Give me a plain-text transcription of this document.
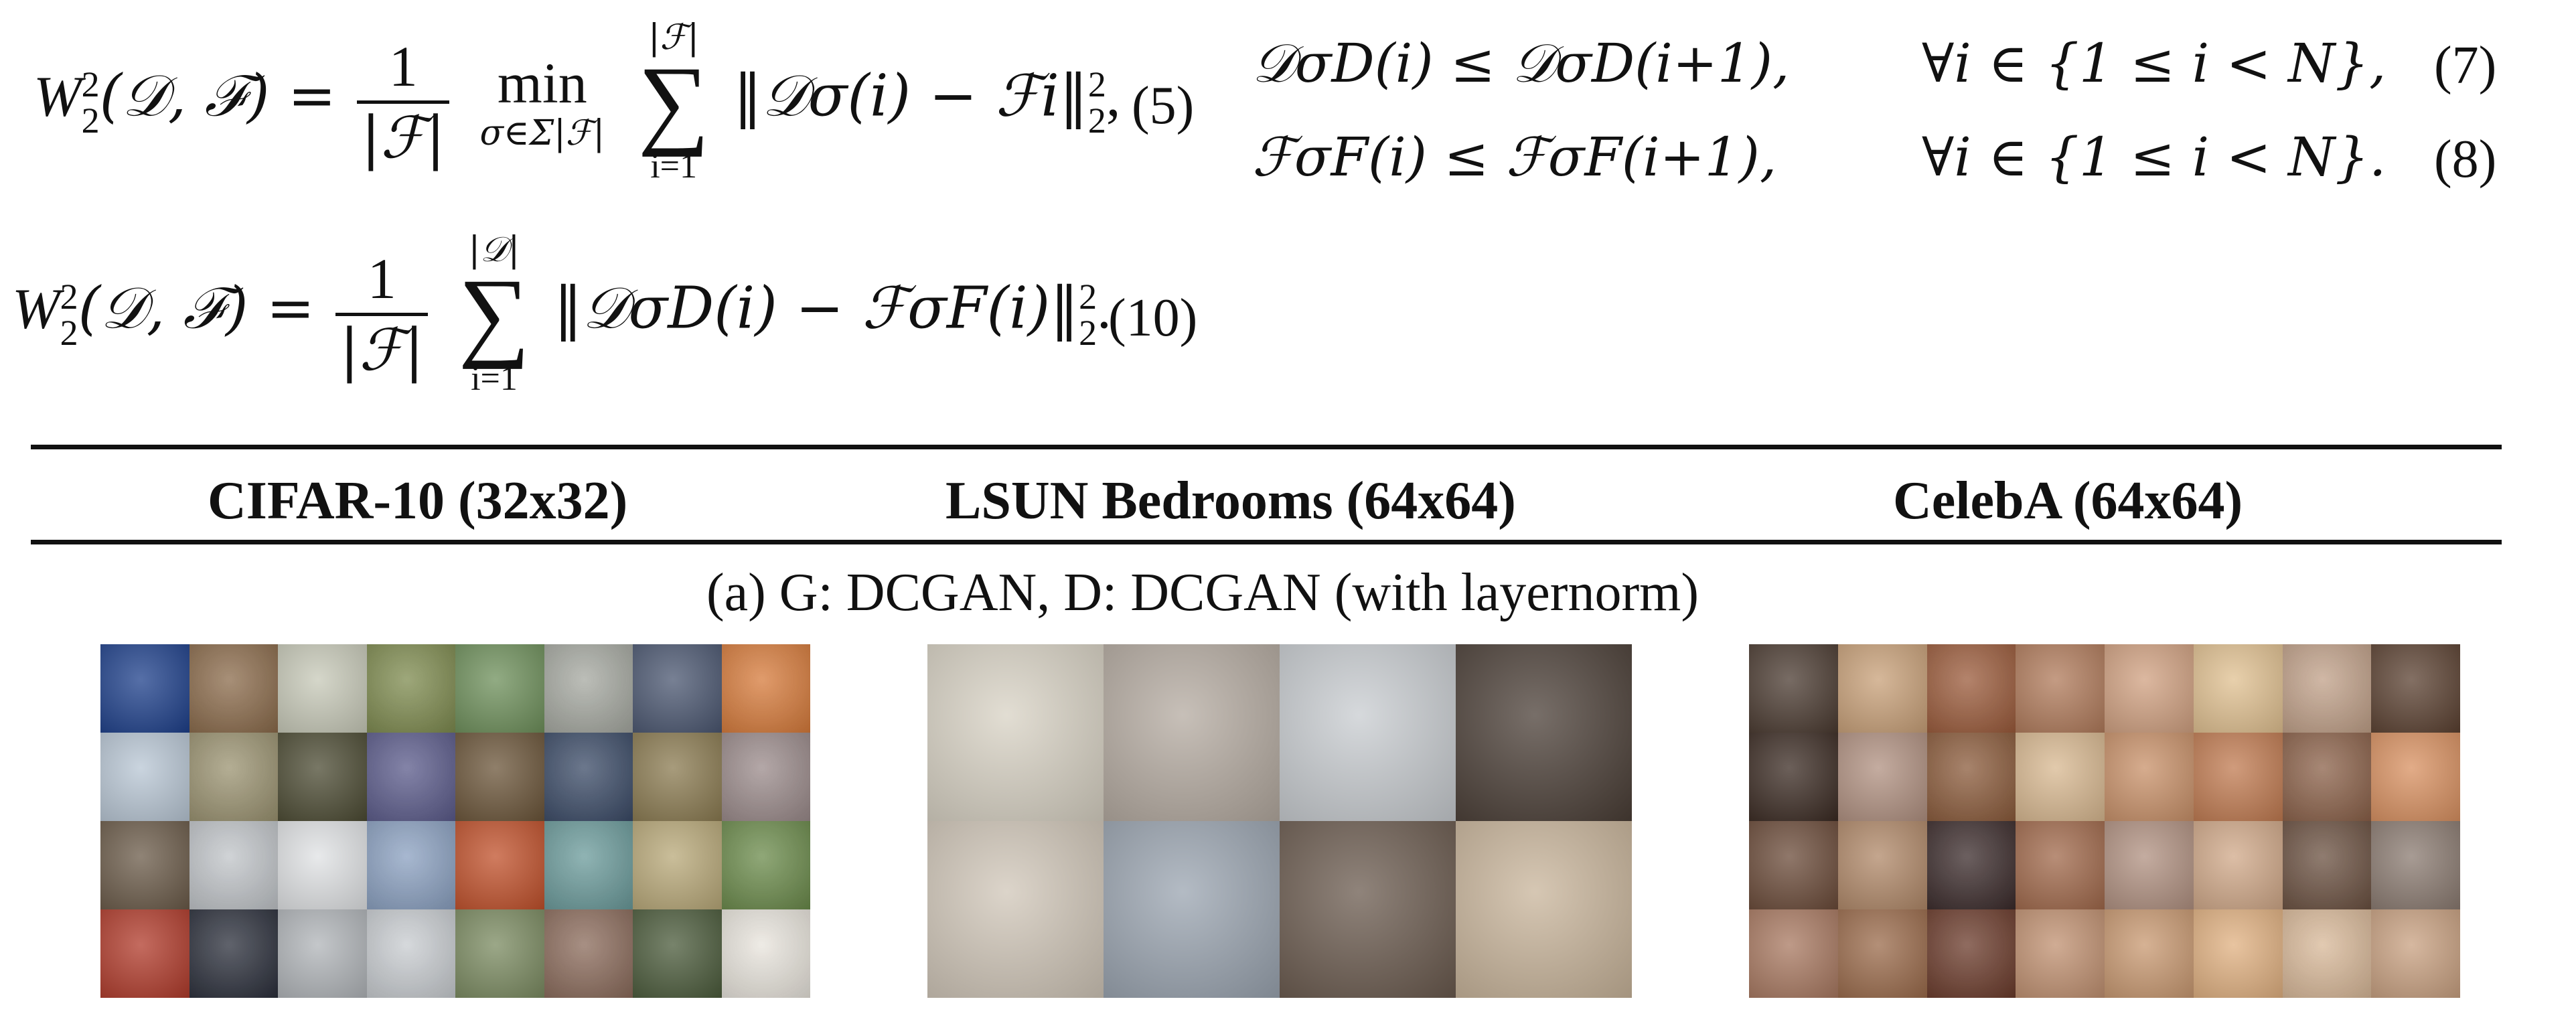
W 2
2 (𝒟, ℱ) = $\frac{1}{\text{|ℱ|}}$
min
σ∈Σ|ℱ|

|ℱ|
∑
i=1
‖𝒟σ(i) − ℱi‖ 2
2 , (5)
𝒟σD(i) ≤ 𝒟σD(i+1), ∀i ∈ {1 ≤ i < N}, (7)
ℱσF(i) ≤ ℱσF(i+1),	∀i ∈ {1 ≤ i < N}. (8)
W 2
2 (𝒟, ℱ) = $\frac{1}{\text{|ℱ|}}$

|𝒟|
∑
i=1
‖𝒟σD(i) − ℱσF(i)‖ 2
2 .
(10)
CIFAR-10 (32x32)	LSUN Bedrooms (64x64)	CelebA (64x64)
(a) G: DCGAN, D: DCGAN (with layernorm)
